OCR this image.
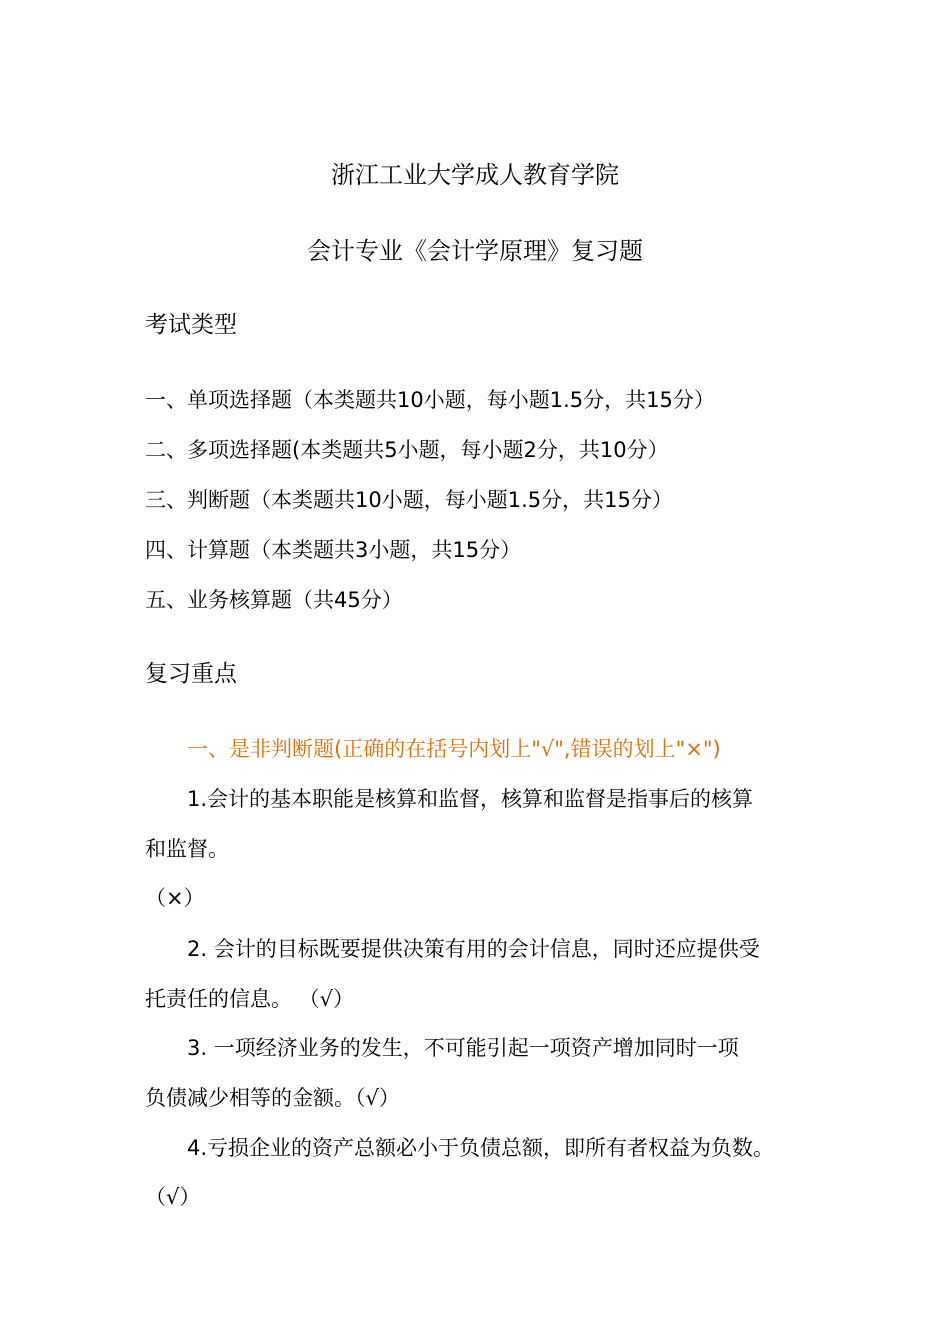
浙江工业大学成人教育学院
会计专业《会计学原理》复习题
考试类型
一、单项选择题（本类题共10小题，每小题1.5分，共15分）
二、多项选择题(本类题共5小题，每小题2分，共10分）
三、判断题（本类题共10小题，每小题1.5分，共15分）
四、计算题（本类题共3小题，共15分）
五、业务核算题（共45分）
复习重点
一、是非判断题(正确的在括号内划上"√",错误的划上"×")
1.会计的基本职能是核算和监督，核算和监督是指事后的核算
和监督。
（×）
2. 会计的目标既要提供决策有用的会计信息，同时还应提供受
托责任的信息。 （√）
3. 一项经济业务的发生，不可能引起一项资产增加同时一项
负债减少相等的金额。（√）
4.亏损企业的资产总额必小于负债总额，即所有者权益为负数。
（√）
